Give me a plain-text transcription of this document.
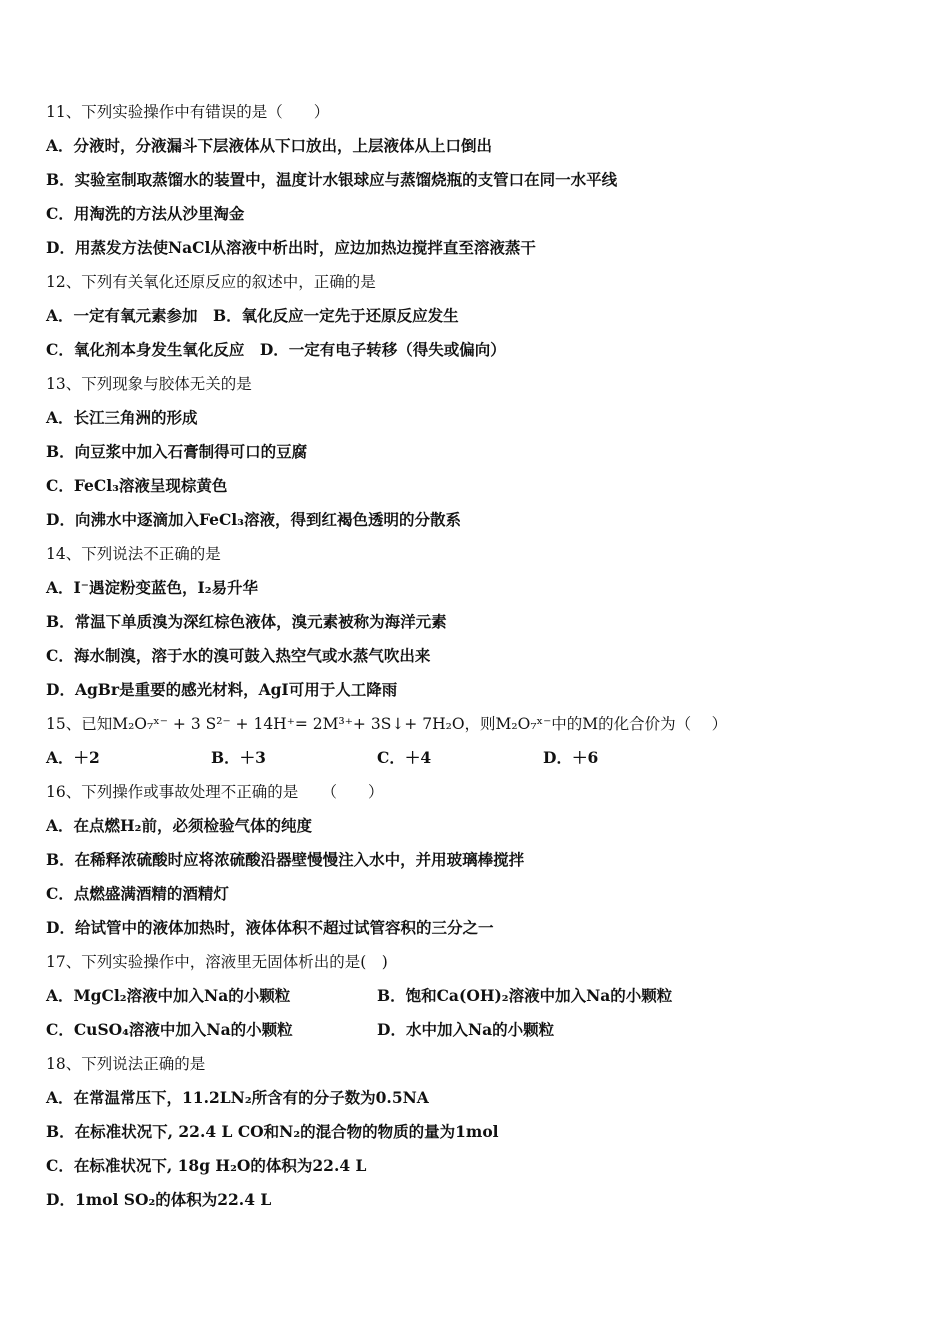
11、下列实验操作中有错误的是（　　）
A．分液时，分液漏斗下层液体从下口放出，上层液体从上口倒出
B．实验室制取蒸馏水的装置中，温度计水银球应与蒸馏烧瓶的支管口在同一水平线
C．用淘洗的方法从沙里淘金
D．用蒸发方法使NaCl从溶液中析出时，应边加热边搅拌直至溶液蒸干
12、下列有关氧化还原反应的叙述中，正确的是
A．一定有氧元素参加　B．氧化反应一定先于还原反应发生
C．氧化剂本身发生氧化反应　D．一定有电子转移（得失或偏向）
13、下列现象与胶体无关的是
A．长江三角洲的形成
B．向豆浆中加入石膏制得可口的豆腐
C．FeCl₃溶液呈现棕黄色
D．向沸水中逐滴加入FeCl₃溶液，得到红褐色透明的分散系
14、下列说法不正确的是
A．I⁻遇淀粉变蓝色，I₂易升华
B．常温下单质溴为深红棕色液体，溴元素被称为海洋元素
C．海水制溴，溶于水的溴可鼓入热空气或水蒸气吹出来
D．AgBr是重要的感光材料，AgI可用于人工降雨
15、已知M₂O₇ˣ⁻ + 3 S²⁻ + 14H⁺= 2M³⁺+ 3S↓+ 7H₂O，则M₂O₇ˣ⁻中的M的化合价为（　 ）
A．＋2	B．＋3	C．＋4	D．＋6
16、下列操作或事故处理不正确的是　　（　　）
A．在点燃H₂前，必须检验气体的纯度
B．在稀释浓硫酸时应将浓硫酸沿器壁慢慢注入水中，并用玻璃棒搅拌
C．点燃盛满酒精的酒精灯
D．给试管中的液体加热时，液体体积不超过试管容积的三分之一
17、下列实验操作中，溶液里无固体析出的是(　)
A．MgCl₂溶液中加入Na的小颗粒	B．饱和Ca(OH)₂溶液中加入Na的小颗粒
C．CuSO₄溶液中加入Na的小颗粒	D．水中加入Na的小颗粒
18、下列说法正确的是
A．在常温常压下，11.2LN₂所含有的分子数为0.5NA
B．在标准状况下, 22.4 L CO和N₂的混合物的物质的量为1mol
C．在标准状况下, 18g H₂O的体积为22.4 L
D．1mol SO₂的体积为22.4 L
